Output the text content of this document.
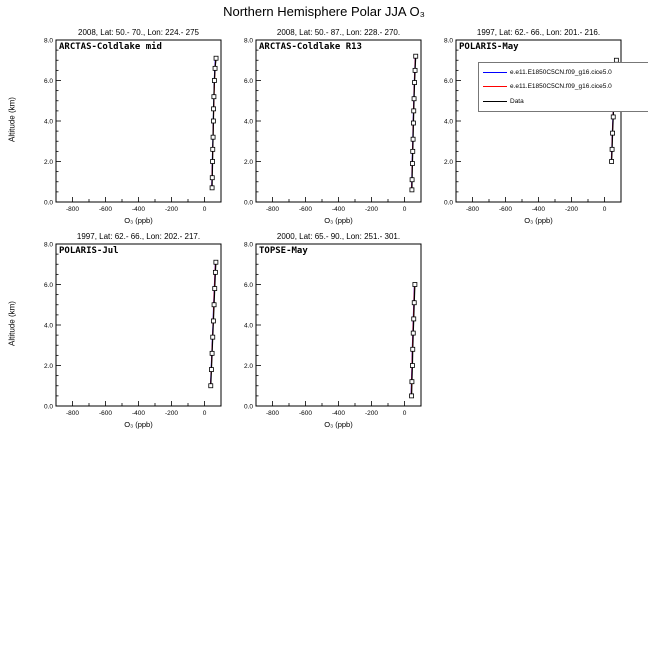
Northern Hemisphere Polar JJA O₃
2008, Lat: 50.- 70., Lon: 224.- 275
Altitude (km)
-800	-600	-400	-200	0
0.0
2.0
4.0
6.0
8.0
O₃ (ppb)
ARCTAS-Coldlake mid
2008, Lat: 50.- 87., Lon: 228.- 270.
-800	-600	-400	-200	0
0.0
2.0
4.0
6.0
8.0
O₃ (ppb)
ARCTAS-Coldlake R13
1997, Lat: 62.- 66., Lon: 201.- 216.
-800	-600	-400	-200	0
0.0
2.0
4.0
6.0
8.0
O₃ (ppb)
POLARIS-May
e.e11.E1850C5CN.f09_g16.cice5.0
e.e11.E1850C5CN.f09_g16.cice5.0
Data
1997, Lat: 62.- 66., Lon: 202.- 217.
Altitude (km)
-800	-600	-400	-200	0
0.0
2.0
4.0
6.0
8.0
O₃ (ppb)
POLARIS-Jul
2000, Lat: 65.- 90., Lon: 251.- 301.
-800	-600	-400	-200	0
0.0
2.0
4.0
6.0
8.0
O₃ (ppb)
TOPSE-May
